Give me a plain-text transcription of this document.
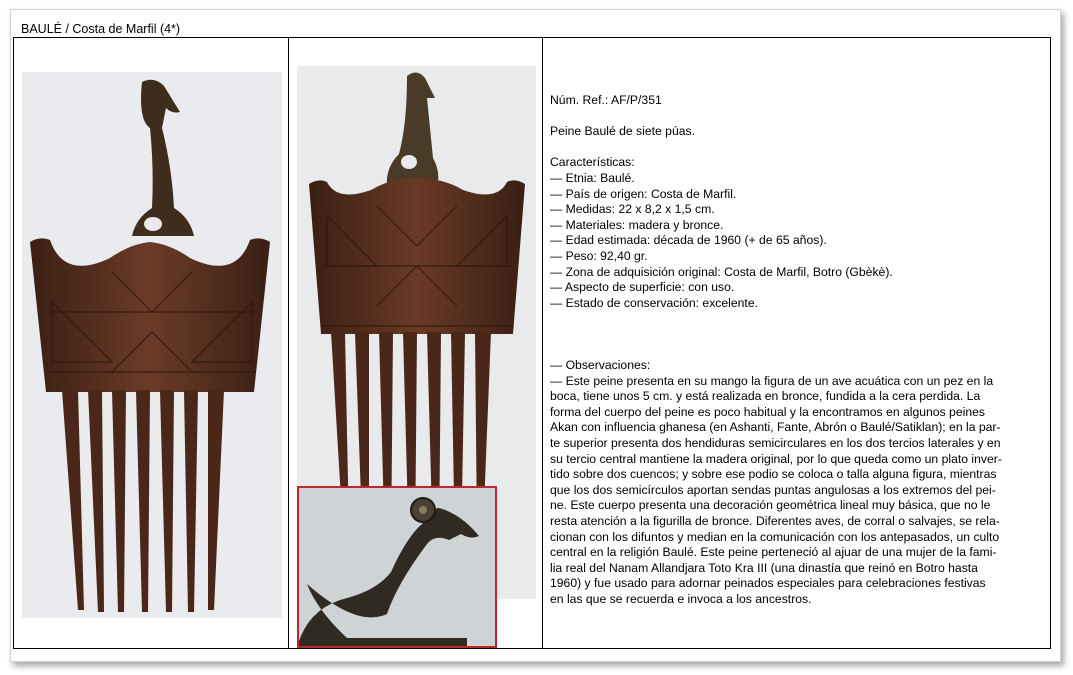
BAULÉ / Costa de Marfil (4*)

Núm. Ref.: AF/P/351

Peine Baulé de siete púas.

Características:

— Etnia: Baulé.

— País de origen: Costa de Marfil.

— Medidas: 22 x 8,2 x 1,5 cm.

— Materiales: madera y bronce.

— Edad estimada: década de 1960 (+ de 65 años).

— Peso: 92,40 gr.

— Zona de adquisición original: Costa de Marfil, Botro (Gbèkè).

— Aspecto de superficie: con uso.

— Estado de conservación: excelente.

— Observaciones:

— Este peine presenta en su mango la figura de un ave acuática con un pez en la

boca, tiene unos 5 cm. y está realizada en bronce, fundida a la cera perdida. La

forma del cuerpo del peine es poco habitual y la encontramos en algunos peines

Akan con influencia ghanesa (en Ashanti, Fante, Abrón o Baulé/Satiklan); en la par-

te superior presenta dos hendiduras semicirculares en los dos tercios laterales y en

su tercio central mantiene la madera original, por lo que queda como un plato inver-

tido sobre dos cuencos; y sobre ese podio se coloca o talla alguna figura, mientras

que los dos semicírculos aportan sendas puntas angulosas a los extremos del pei-

ne. Este cuerpo presenta una decoración geométrica lineal muy básica, que no le

resta atención a la figurilla de bronce. Diferentes aves, de corral o salvajes, se rela-

cionan con los difuntos y median en la comunicación con los antepasados, un culto

central en la religión Baulé. Este peine perteneció al ajuar de una mujer de la fami-

lia real del Nanam Allandjara Toto Kra III (una dinastía que reinó en Botro hasta

1960) y fue usado para adornar peinados especiales para celebraciones festivas

en las que se recuerda e invoca a los ancestros.
